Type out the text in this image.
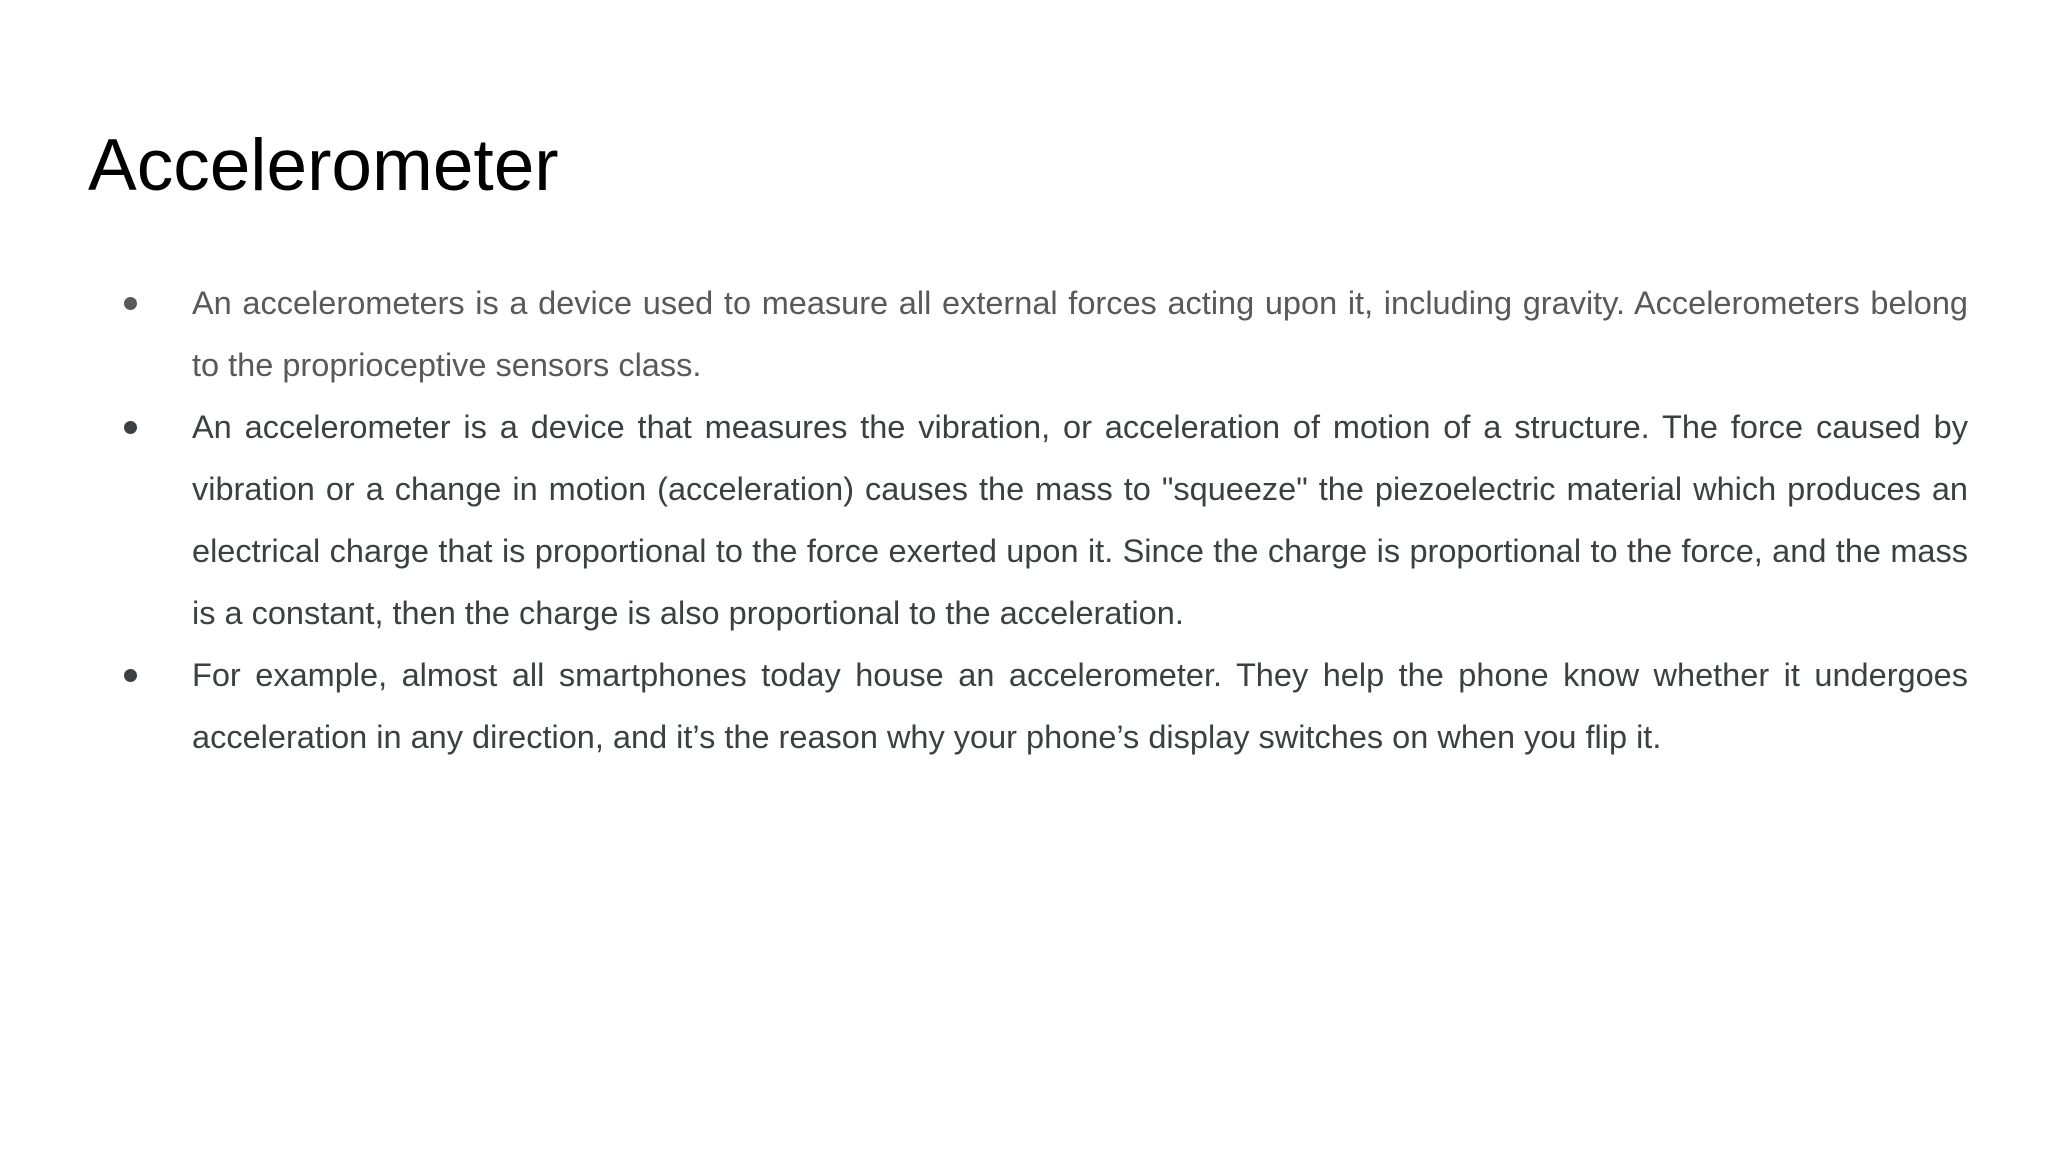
Accelerometer
An accelerometers is a device used to measure all external forces acting upon it, including gravity. Accelerometers belong to the proprioceptive sensors class.
An accelerometer is a device that measures the vibration, or acceleration of motion of a structure. The force caused by vibration or a change in motion (acceleration) causes the mass to "squeeze" the piezoelectric material which produces an electrical charge that is proportional to the force exerted upon it. Since the charge is proportional to the force, and the mass is a constant, then the charge is also proportional to the acceleration.
For example, almost all smartphones today house an accelerometer. They help the phone know whether it undergoes acceleration in any direction, and it’s the reason why your phone’s display switches on when you flip it.
